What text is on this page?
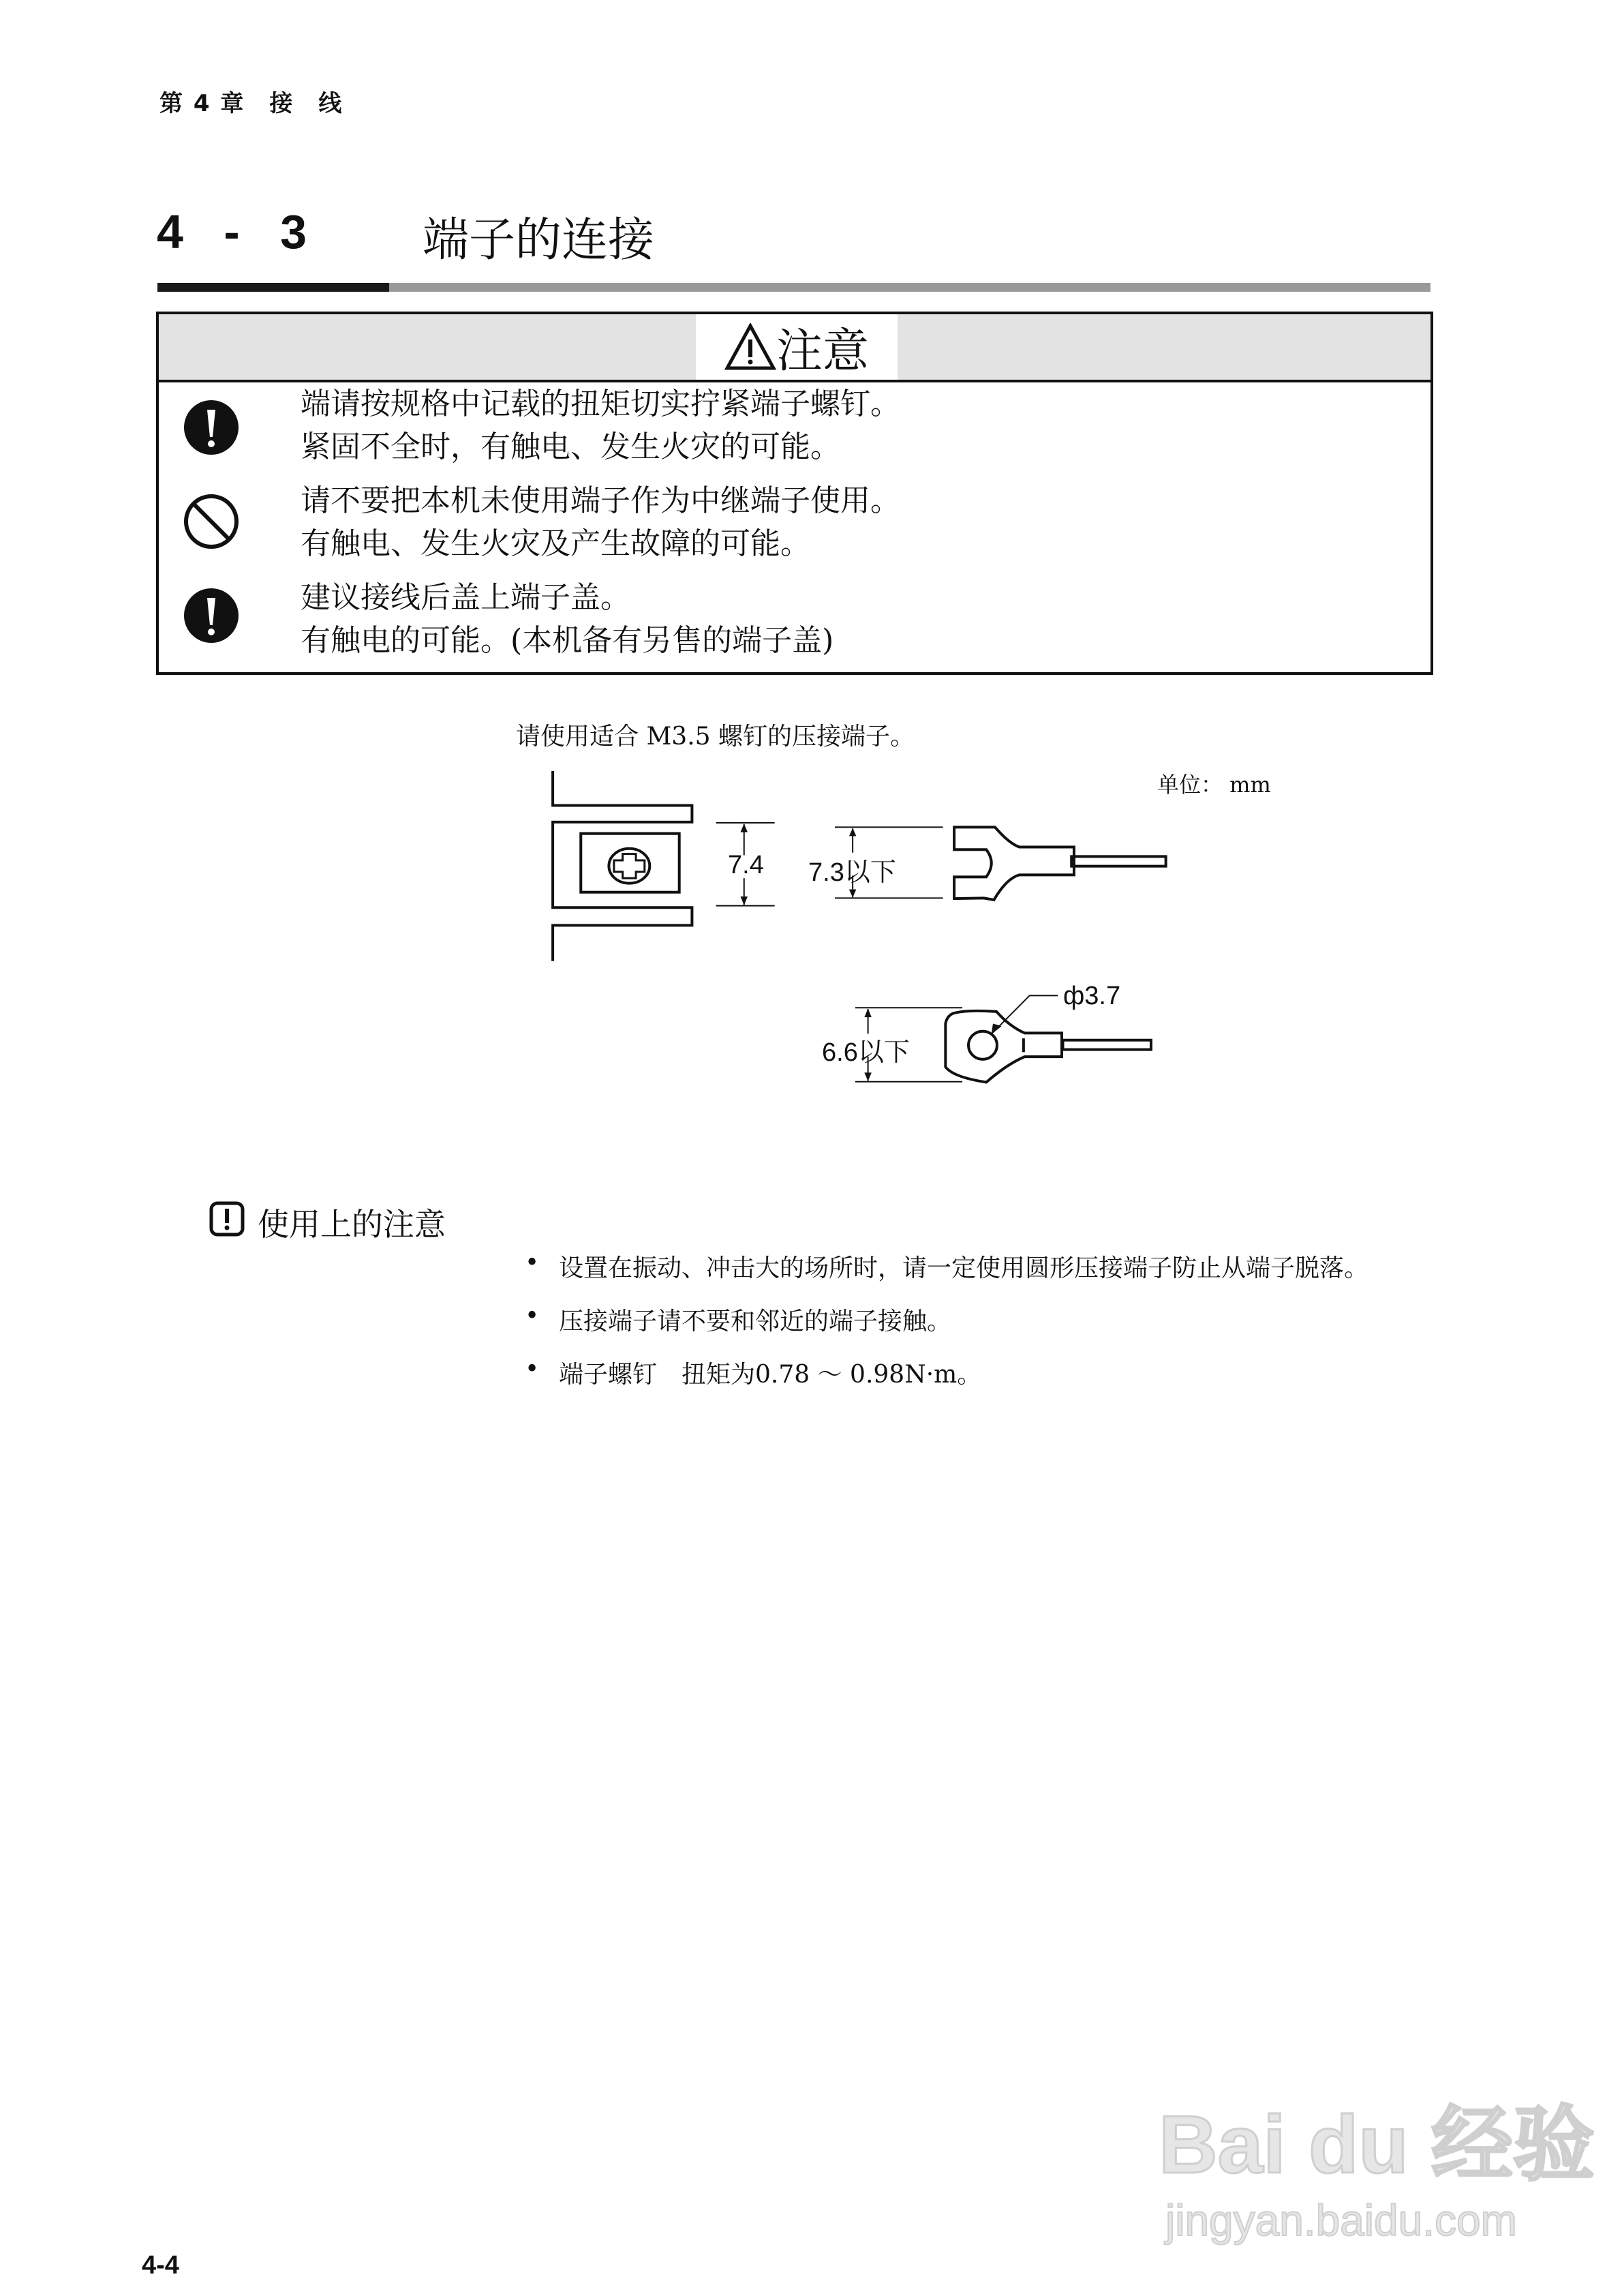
第 4 章　接　线
4 - 3 端子的连接
注意
端请按规格中记载的扭矩切实拧紧端子螺钉。
紧固不全时，有触电、发生火灾的可能。
请不要把本机未使用端子作为中继端子使用。
有触电、发生火灾及产生故障的可能。
建议接线后盖上端子盖。
有触电的可能。(本机备有另售的端子盖)
请使用适合 M3.5 螺钉的压接端子。
单位： mm
7.4 7.3以下
ф3.7
6.6以下
使用上的注意
• 设置在振动、冲击大的场所时，请一定使用圆形压接端子防止从端子脱落。
• 压接端子请不要和邻近的端子接触。
• 端子螺钉　扭矩为0.78 ～ 0.98N·m。
4-4
Bai du 经验
jingyan.baidu.com
